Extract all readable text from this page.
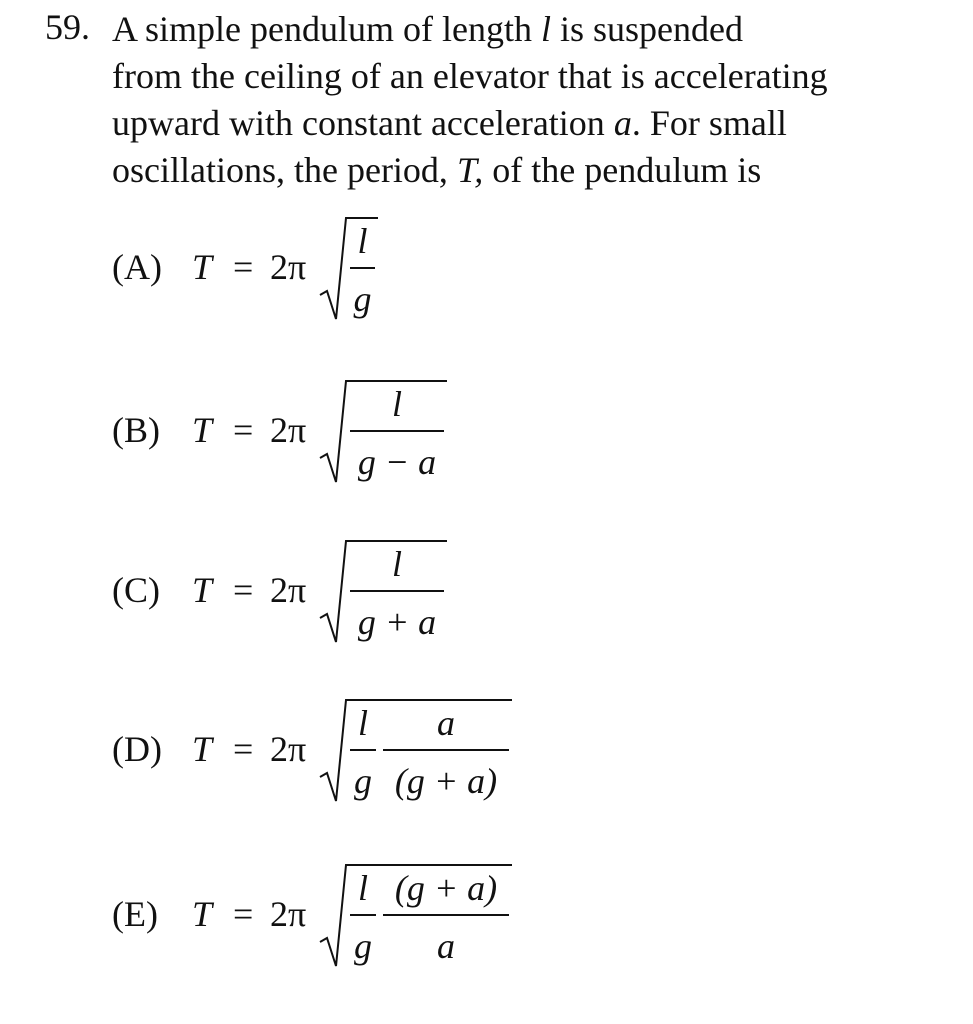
59. A simple pendulum of length l is suspended
from the ceiling of an elevator that is accelerating
upward with constant acceleration a. For small
oscillations, the period, T, of the pendulum is
(A) T = 2π
l
g
(B) T = 2π
l
g − a
(C) T = 2π
l
g + a
(D) T = 2π
l
g
a
(g + a)
(E) T = 2π
l
g
(g + a)
a
